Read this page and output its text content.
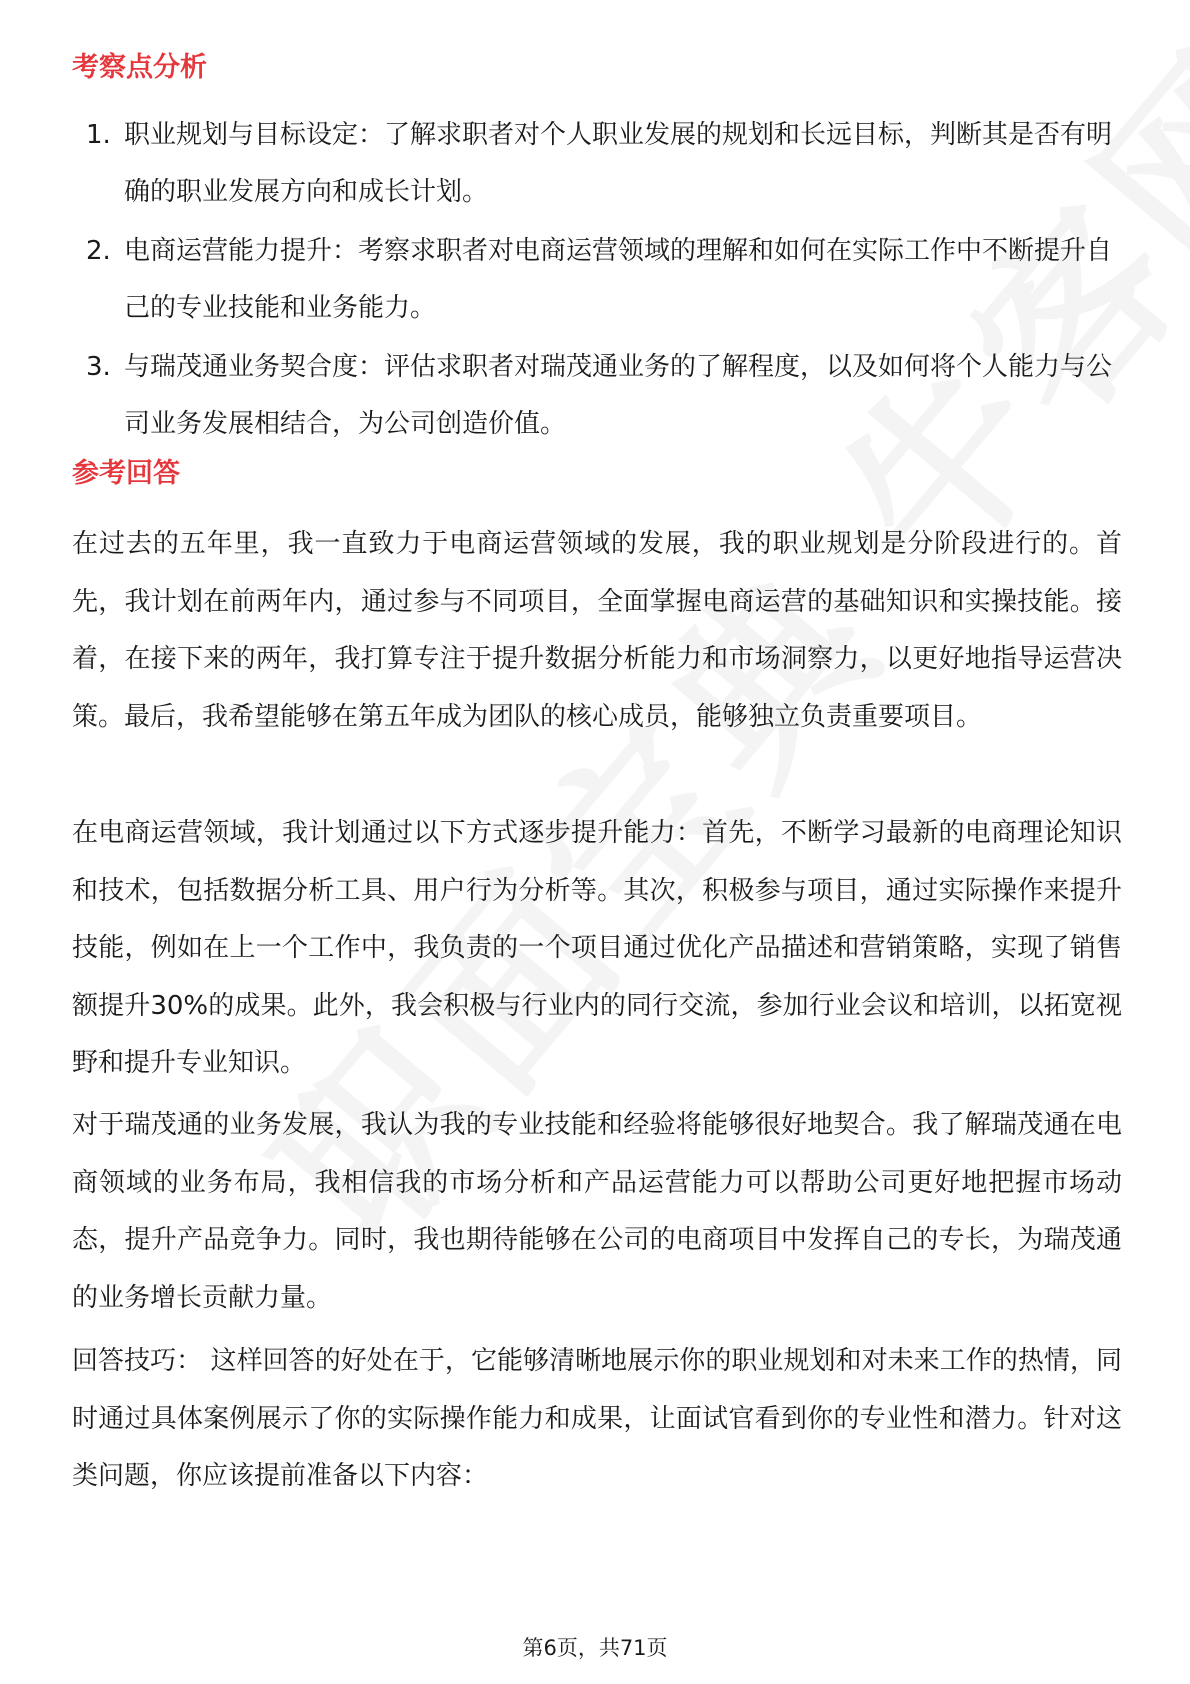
考察点分析
1. 职业规划与目标设定：了解求职者对个人职业发展的规划和长远目标，判断其是否有明确的职业发展方向和成长计划。
2. 电商运营能力提升：考察求职者对电商运营领域的理解和如何在实际工作中不断提升自己的专业技能和业务能力。
3. 与瑞茂通业务契合度：评估求职者对瑞茂通业务的了解程度，以及如何将个人能力与公司业务发展相结合，为公司创造价值。
参考回答

在过去的五年里，我一直致力于电商运营领域的发展，我的职业规划是分阶段进行的。首先，我计划在前两年内，通过参与不同项目，全面掌握电商运营的基础知识和实操技能。接着，在接下来的两年，我打算专注于提升数据分析能力和市场洞察力，以更好地指导运营决策。最后，我希望能够在第五年成为团队的核心成员，能够独立负责重要项目。

在电商运营领域，我计划通过以下方式逐步提升能力：首先，不断学习最新的电商理论知识和技术，包括数据分析工具、用户行为分析等。其次，积极参与项目，通过实际操作来提升技能，例如在上一个工作中，我负责的一个项目通过优化产品描述和营销策略，实现了销售额提升30%的成果。此外，我会积极与行业内的同行交流，参加行业会议和培训，以拓宽视野和提升专业知识。

对于瑞茂通的业务发展，我认为我的专业技能和经验将能够很好地契合。我了解瑞茂通在电商领域的业务布局，我相信我的市场分析和产品运营能力可以帮助公司更好地把握市场动态，提升产品竞争力。同时，我也期待能够在公司的电商项目中发挥自己的专长，为瑞茂通的业务增长贡献力量。

回答技巧： 这样回答的好处在于，它能够清晰地展示你的职业规划和对未来工作的热情，同时通过具体案例展示了你的实际操作能力和成果，让面试官看到你的专业性和潜力。针对这类问题，你应该提前准备以下内容：

第6页，共71页
